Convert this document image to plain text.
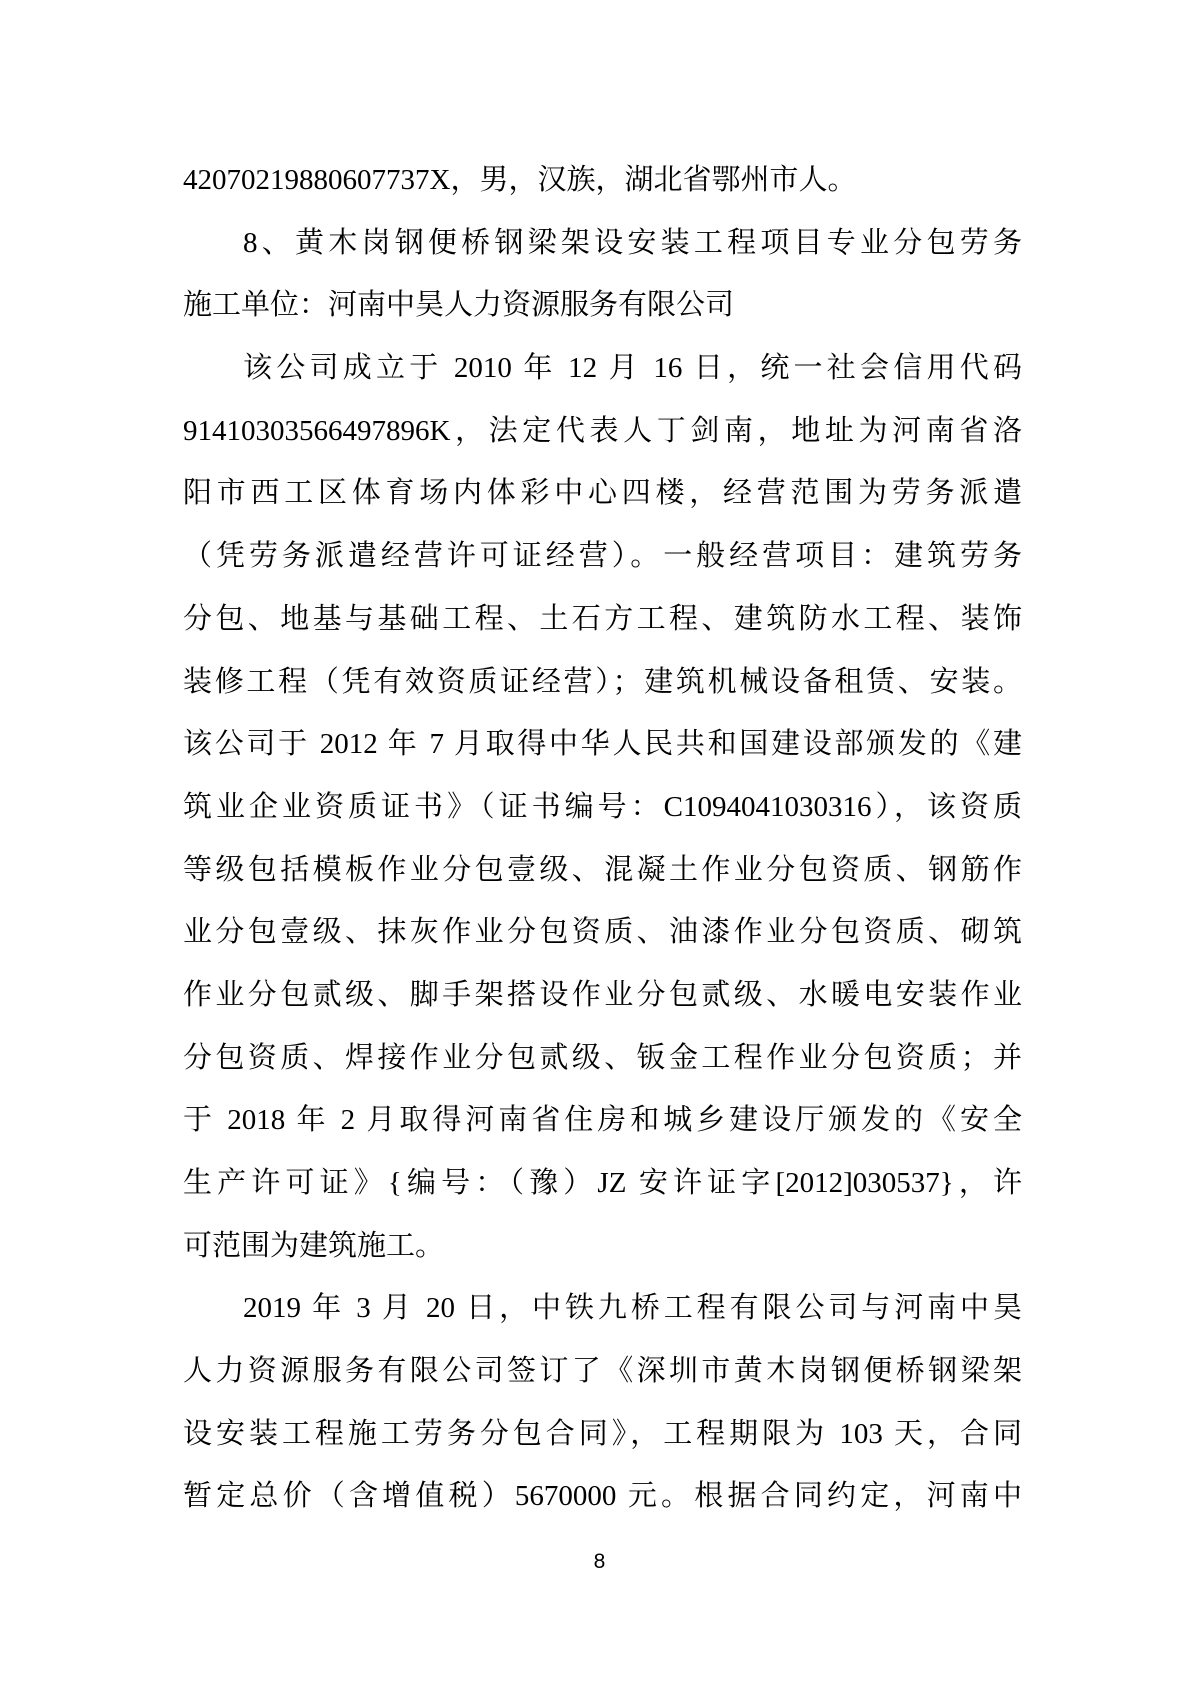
42070219880607737X，男，汉族，湖北省鄂州市人。
8、黄木岗钢便桥钢梁架设安装工程项目专业分包劳务
施工单位：河南中昊人力资源服务有限公司
该公司成立于 2010 年 12 月 16 日，统一社会信用代码
91410303566497896K，法定代表人丁剑南，地址为河南省洛
阳市西工区体育场内体彩中心四楼，经营范围为劳务派遣
（凭劳务派遣经营许可证经营）。一般经营项目：建筑劳务
分包、地基与基础工程、土石方工程、建筑防水工程、装饰
装修工程（凭有效资质证经营）；建筑机械设备租赁、安装。
该公司于 2012 年 7 月取得中华人民共和国建设部颁发的《建
筑业企业资质证书》（证书编号：C1094041030316），该资质
等级包括模板作业分包壹级、混凝土作业分包资质、钢筋作
业分包壹级、抹灰作业分包资质、油漆作业分包资质、砌筑
作业分包贰级、脚手架搭设作业分包贰级、水暖电安装作业
分包资质、焊接作业分包贰级、钣金工程作业分包资质；并
于 2018 年 2 月取得河南省住房和城乡建设厅颁发的《安全
生产许可证》{编号：（豫）JZ 安许证字[2012]030537}，许
可范围为建筑施工。
2019 年 3 月 20 日，中铁九桥工程有限公司与河南中昊
人力资源服务有限公司签订了《深圳市黄木岗钢便桥钢梁架
设安装工程施工劳务分包合同》，工程期限为 103 天，合同
暂定总价（含增值税）5670000 元。根据合同约定，河南中
8
